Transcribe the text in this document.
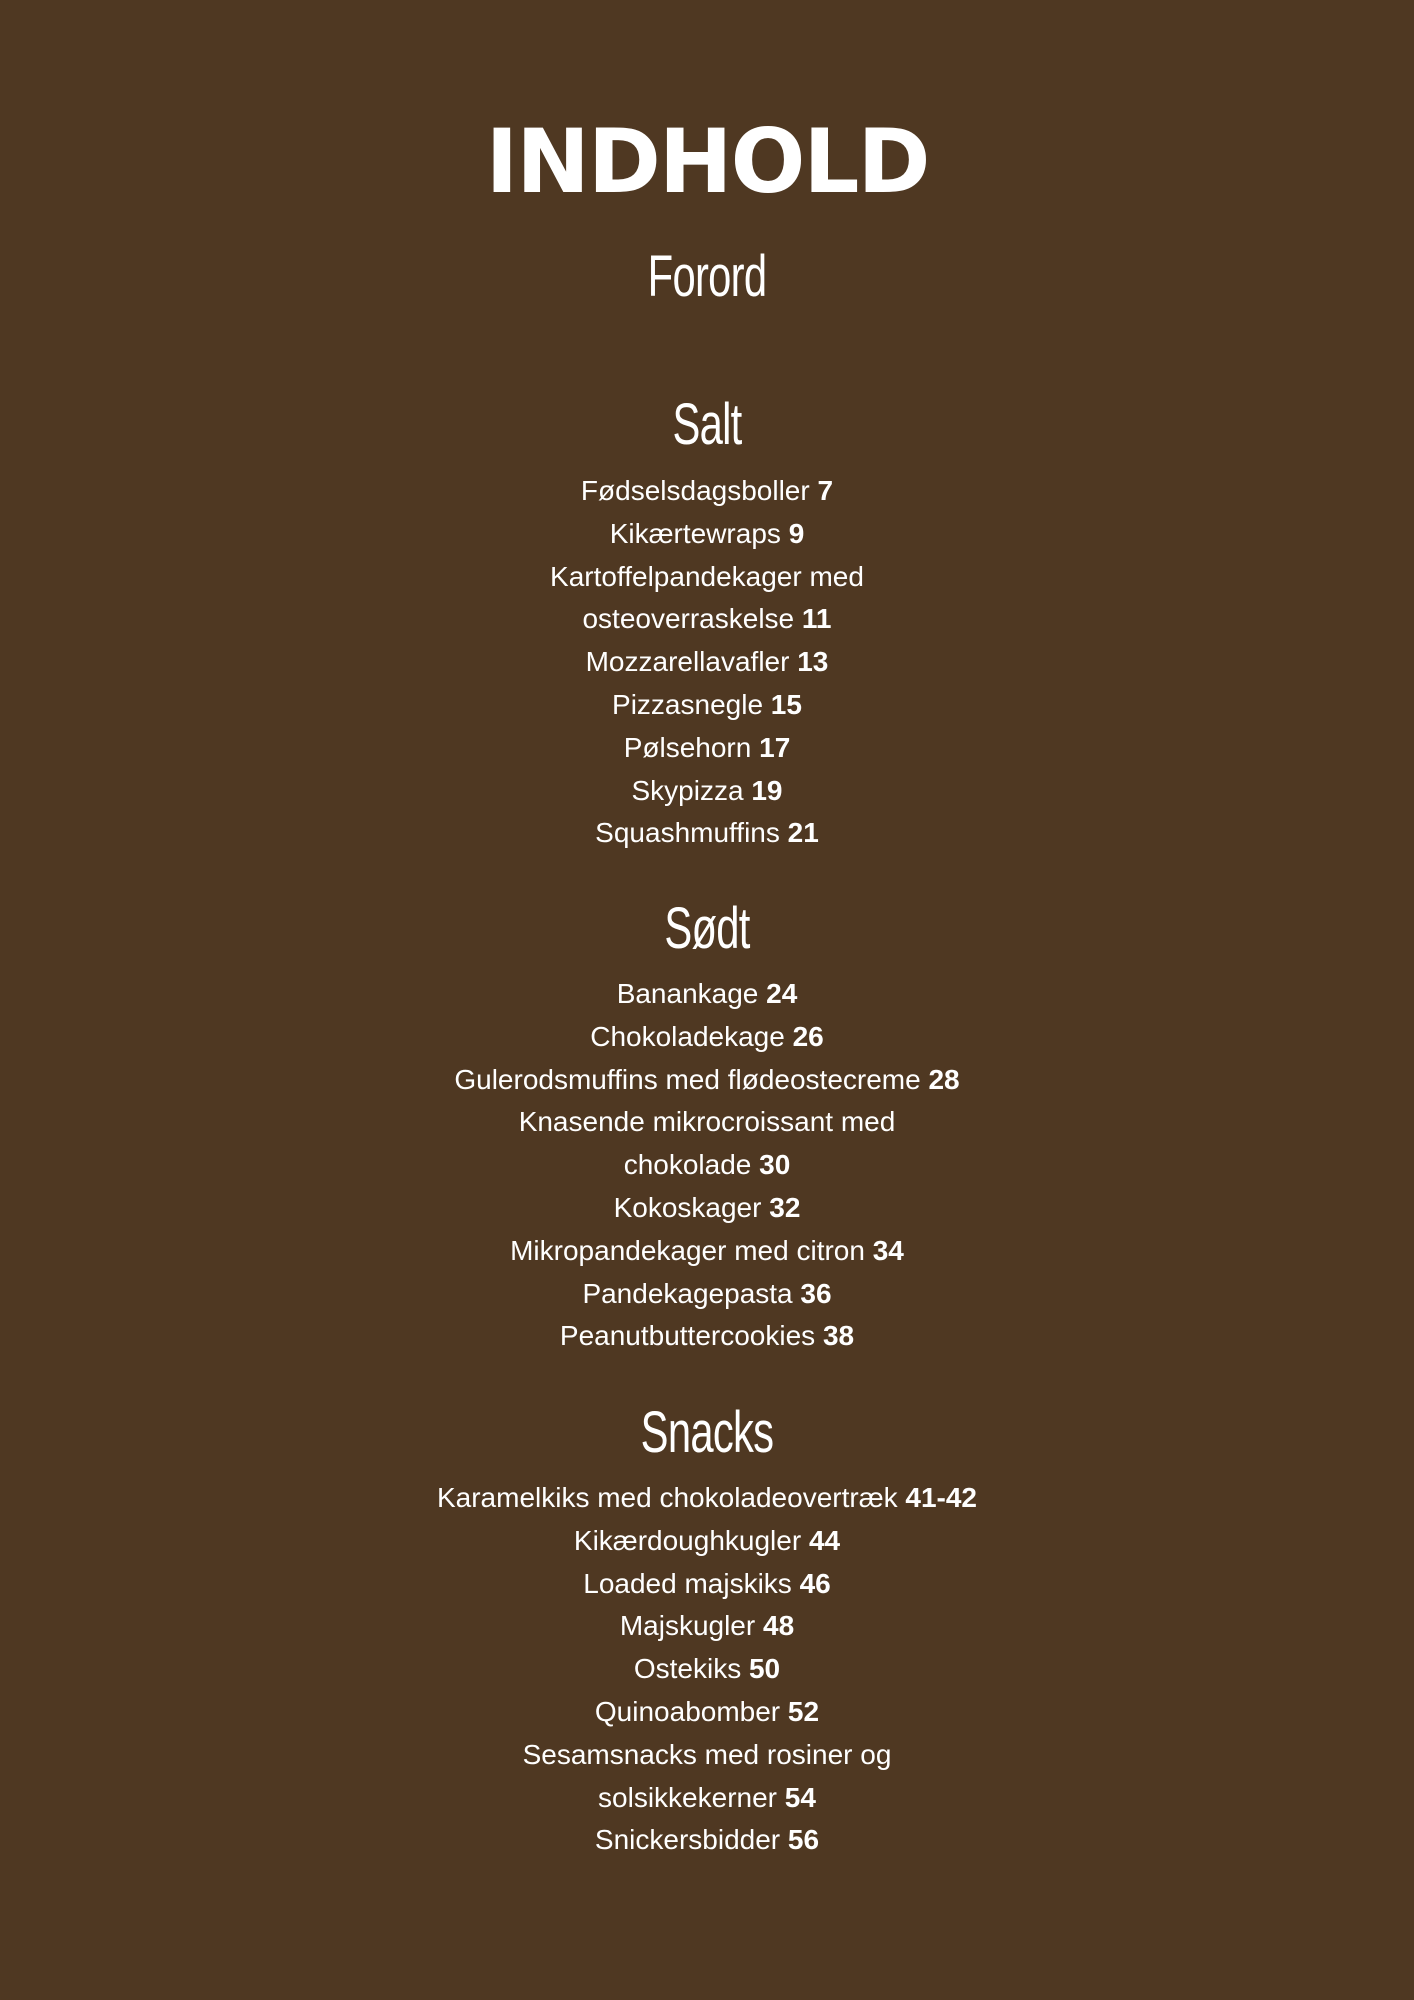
INDHOLD
Forord
Salt
Fødselsdagsboller 7
Kikærtewraps 9
Kartoffelpandekager med
osteoverraskelse 11
Mozzarellavafler 13
Pizzasnegle 15
Pølsehorn 17
Skypizza 19
Squashmuffins 21
Sødt
Banankage 24
Chokoladekage 26
Gulerodsmuffins med flødeostecreme 28
Knasende mikrocroissant med
chokolade 30
Kokoskager 32
Mikropandekager med citron 34
Pandekagepasta 36
Peanutbuttercookies 38
Snacks
Karamelkiks med chokoladeovertræk 41-42
Kikærdoughkugler 44
Loaded majskiks 46
Majskugler 48
Ostekiks 50
Quinoabomber 52
Sesamsnacks med rosiner og
solsikkekerner 54
Snickersbidder 56
